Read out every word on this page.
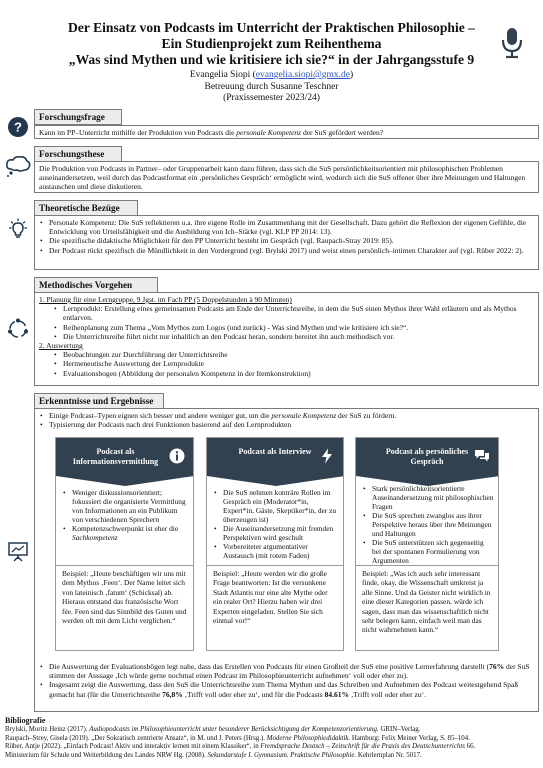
Der Einsatz von Podcasts im Unterricht der Praktischen Philosophie –
Ein Studienprojekt zum Reihenthema
„Was sind Mythen und wie kritisiere ich sie?“ in der Jahrgangsstufe 9
Evangelia Siopi (evangelia.siopi@gmx.de)
Betreuung durch Susanne Teschner
(Praxissemester 2023/24)
?
Forschungsfrage
Kann im PP–Unterricht mithilfe der Produktion von Podcasts die personale Kompetenz der SuS gefördert werden?
Forschungsthese
Die Produktion von Podcasts in Partner– oder Gruppenarbeit kann dazu führen, dass sich die SuS persönlichkeitsorientiert mit philosophischen Problemen auseinandersetzen, weil durch das Podcastformat ein ‚persönliches Gespräch‘ ermöglicht wird, wodurch sich die SuS offener über ihre Meinungen und Haltungen austauschen und diese diskutieren.
Theoretische Bezüge
• Personale Kompetenz: Die SuS reflektieren u.a. ihre eigene Rolle im Zusammenhang mit der Gesellschaft. Dazu gehört die Reflexion der eigenen Gefühle, die Entwicklung von Urteilsfähigkeit und die Ausbildung von Ich–Stärke (vgl. KLP PP 2014: 13).
• Die spezifische didaktische Möglichkeit für den PP Unterricht besteht im Gespräch (vgl. Raupach-Stray 2019: 85).
• Der Podcast rückt spezifisch die Mündlichkeit in den Vordergrund (vgl. Brylski 2017) und weist einen persönlich–intimen Charakter auf (vgl. Rüber 2022: 2).
Methodisches Vorgehen
1. Planung für eine Lerngruppe, 9 Jgst. im Fach PP (5 Doppelstunden à 90 Minuten)
• Lernprodukt: Erstellung eines gemeinsamen Podcasts am Ende der Unterrichtsreihe, in dem die SuS einen Mythos ihrer Wahl erläutern und als Mythos entlarven.
• Reihenplanung zum Thema „Vom Mythos zum Logos (und zurück) - Was sind Mythen und wie kritisiere ich sie?“.
• Die Unterrichtsreihe führt nicht nur inhaltlich an den Podcast heran, sondern bereitet ihn auch methodisch vor.
2. Auswertung
• Beobachtungen zur Durchführung der Unterrichtsreihe
• Hermeneutische Auswertung der Lernprodukte
• Evaluationsbogen (Abbildung der personalen Kompetenz in der Itemkonstruktion)
Erkenntnisse und Ergebnisse
• Einige Podcast–Typen eignen sich besser und andere weniger gut, um die personale Kompetenz der SuS zu fördern.
• Typisierung der Podcasts nach drei Funktionen basierend auf den Lernprodukten
• Die Auswertung der Evaluationsbögen legt nahe, dass das Erstellen von Podcasts für einen Großteil der SuS eine positive Lernerfahrung darstellt (76% der SuS stimmen der Aussage ‚Ich würde gerne nochmal einen Podcast im Philosophieunterricht aufnehmen‘ voll oder eher zu).
• Insgesamt zeigt die Auswertung, dass den SuS die Unterrichtsreihe zum Thema Mythen und das Schreiben und Aufnehmen des Podcast weitestgehend Spaß gemacht hat (für die Unterrichtsreihe 76,8% ‚Trifft voll oder eher zu‘, und für die Podcasts 84.61% ‚Trifft voll oder eher zu‘.
Podcast als Informationsvermittlung
• Weniger diskussionsorientiert; fokussiert die organisierte Vermittlung von Informationen an ein Publikum von verschiedenen Sprechern
• Kompetenzschwerpunkt ist eher die Sachkompetenz
Beispiel: „Heute beschäftigen wir uns mit dem Mythos ‚Feen‘. Der Name leitet sich von lateinisch ‚fatum‘ (Schicksal) ab. Hieraus entstand das französische Wort fée. Feen sind das Sinnbild des Guten und werden oft mit dem Licht verglichen.“
Podcast als Interview
• Die SuS nehmen konträre Rollen im Gespräch ein (Moderator*in, Expert*in, Gäste, Skeptiker*in, der zu überzeugen ist)
• Die Auseinandersetzung mit fremden Perspektiven wird geschult
• Vorbereiteter argumentativer Austausch (mit rotem Faden)
Beispiel: „Heute werden wir die große Frage beantworten: Ist die versunkene Stadt Atlantis nur eine alte Mythe oder ein realer Ort? Hierzu haben wir drei Experten eingeladen. Stellen Sie sich einmal vor!“
Podcast als persönliches Gespräch
• Stark persönlichkeitsorientierte Auseinandersetzung mit philosophischen Fragen
• Die SuS sprechen zwanglos aus ihrer Perspektive heraus über ihre Meinungen und Haltungen
• Die SuS unterstützen sich gegenseitig bei der spontanen Formulierung von Argumenten
Beispiel: „Was ich auch sehr interessant finde, okay, die Wissenschaft umkreist ja alle Sinne. Und da Geister nicht wirklich in eine dieser Kategorien passen, würde ich sagen, dass man das wissenschaftlich nicht sehr belegen kann, einfach weil man das nicht wahrnehmen kann.“
Bibliografie
Brylski, Moritz Heinz (2017). Audiopodcasts im Philosophieunterricht unter besonderer Berücksichtigung der Kompetenzorientierung. GRIN–Verlag.
Raupach–Strey, Gisela (2019). „Der Sokratisch zentrierte Ansatz“, in M. und J. Peters (Hrsg.). Moderne Philosophiedidaktik. Hamburg: Felix Meiner Verlag, S. 85–104.
Rüber, Antje (2022). „Einfach Podcast! Aktiv und interaktiv lernen mit einem Klassiker“, in Fremdsprache Deutsch – Zeitschrift für die Praxis des Deutschunterrichts 66.
Ministerium für Schule und Weiterbildung des Landes NRW Hg. (2008). Sekundarstufe I. Gymnasium. Praktische Philosophie. Kehrlernplan Nr. 5017.
